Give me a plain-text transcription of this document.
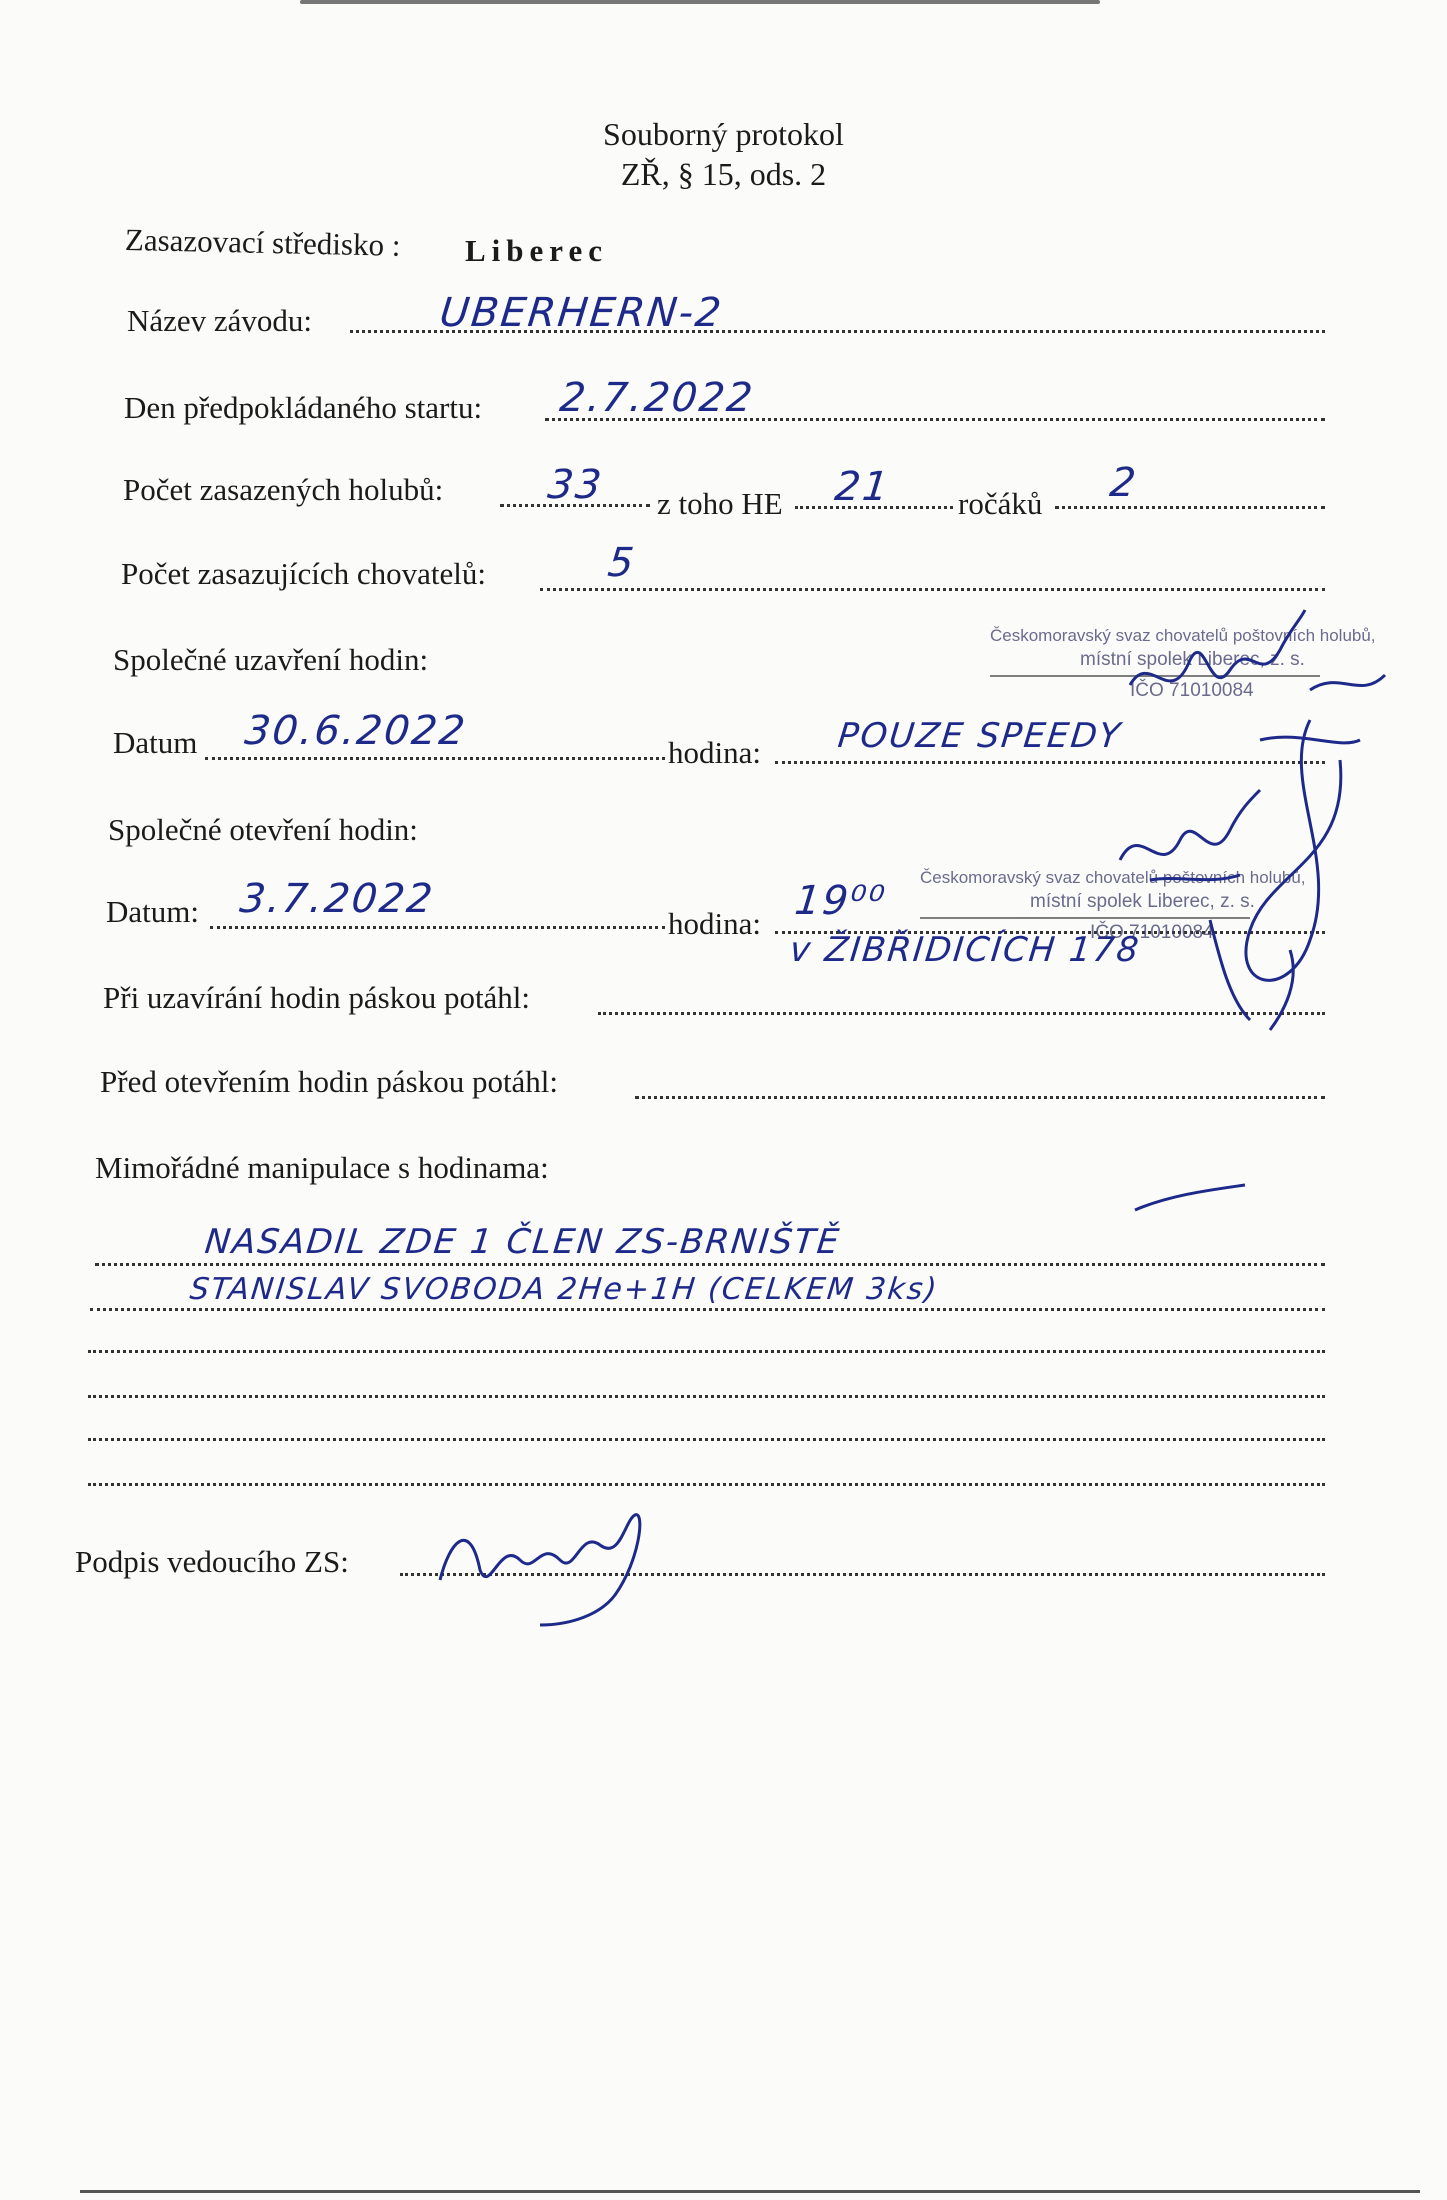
Souborný protokol
ZŘ, § 15, ods. 2
Zasazovací středisko : Liberec
Název závodu:	UBERHERN-2
Den předpokládaného startu: 2.7.2022
Počet zasazených holubů:	33 z toho HE 21 ročáků 2
Počet zasazujících chovatelů:	5
Společné uzavření hodin:
Datum 30.6.2022	hodina: POUZE SPEEDY
Společné otevření hodin:
Datum: 3.7.2022
hodina: 19⁰⁰
v ŽIBŘIDICÍCH 178
Při uzavírání hodin páskou potáhl:
Před otevřením hodin páskou potáhl:
Mimořádné manipulace s hodinama:
NASADIL ZDE 1 ČLEN ZS-BRNIŠTĚ
STANISLAV SVOBODA 2He+1H (CELKEM 3ks)
Podpis vedoucího ZS:
Českomoravský svaz chovatelů poštovních holubů,
místní spolek Liberec, z. s.
IČO 71010084
Českomoravský svaz chovatelů poštovních holubů,
místní spolek Liberec, z. s.
IČO 71010084
